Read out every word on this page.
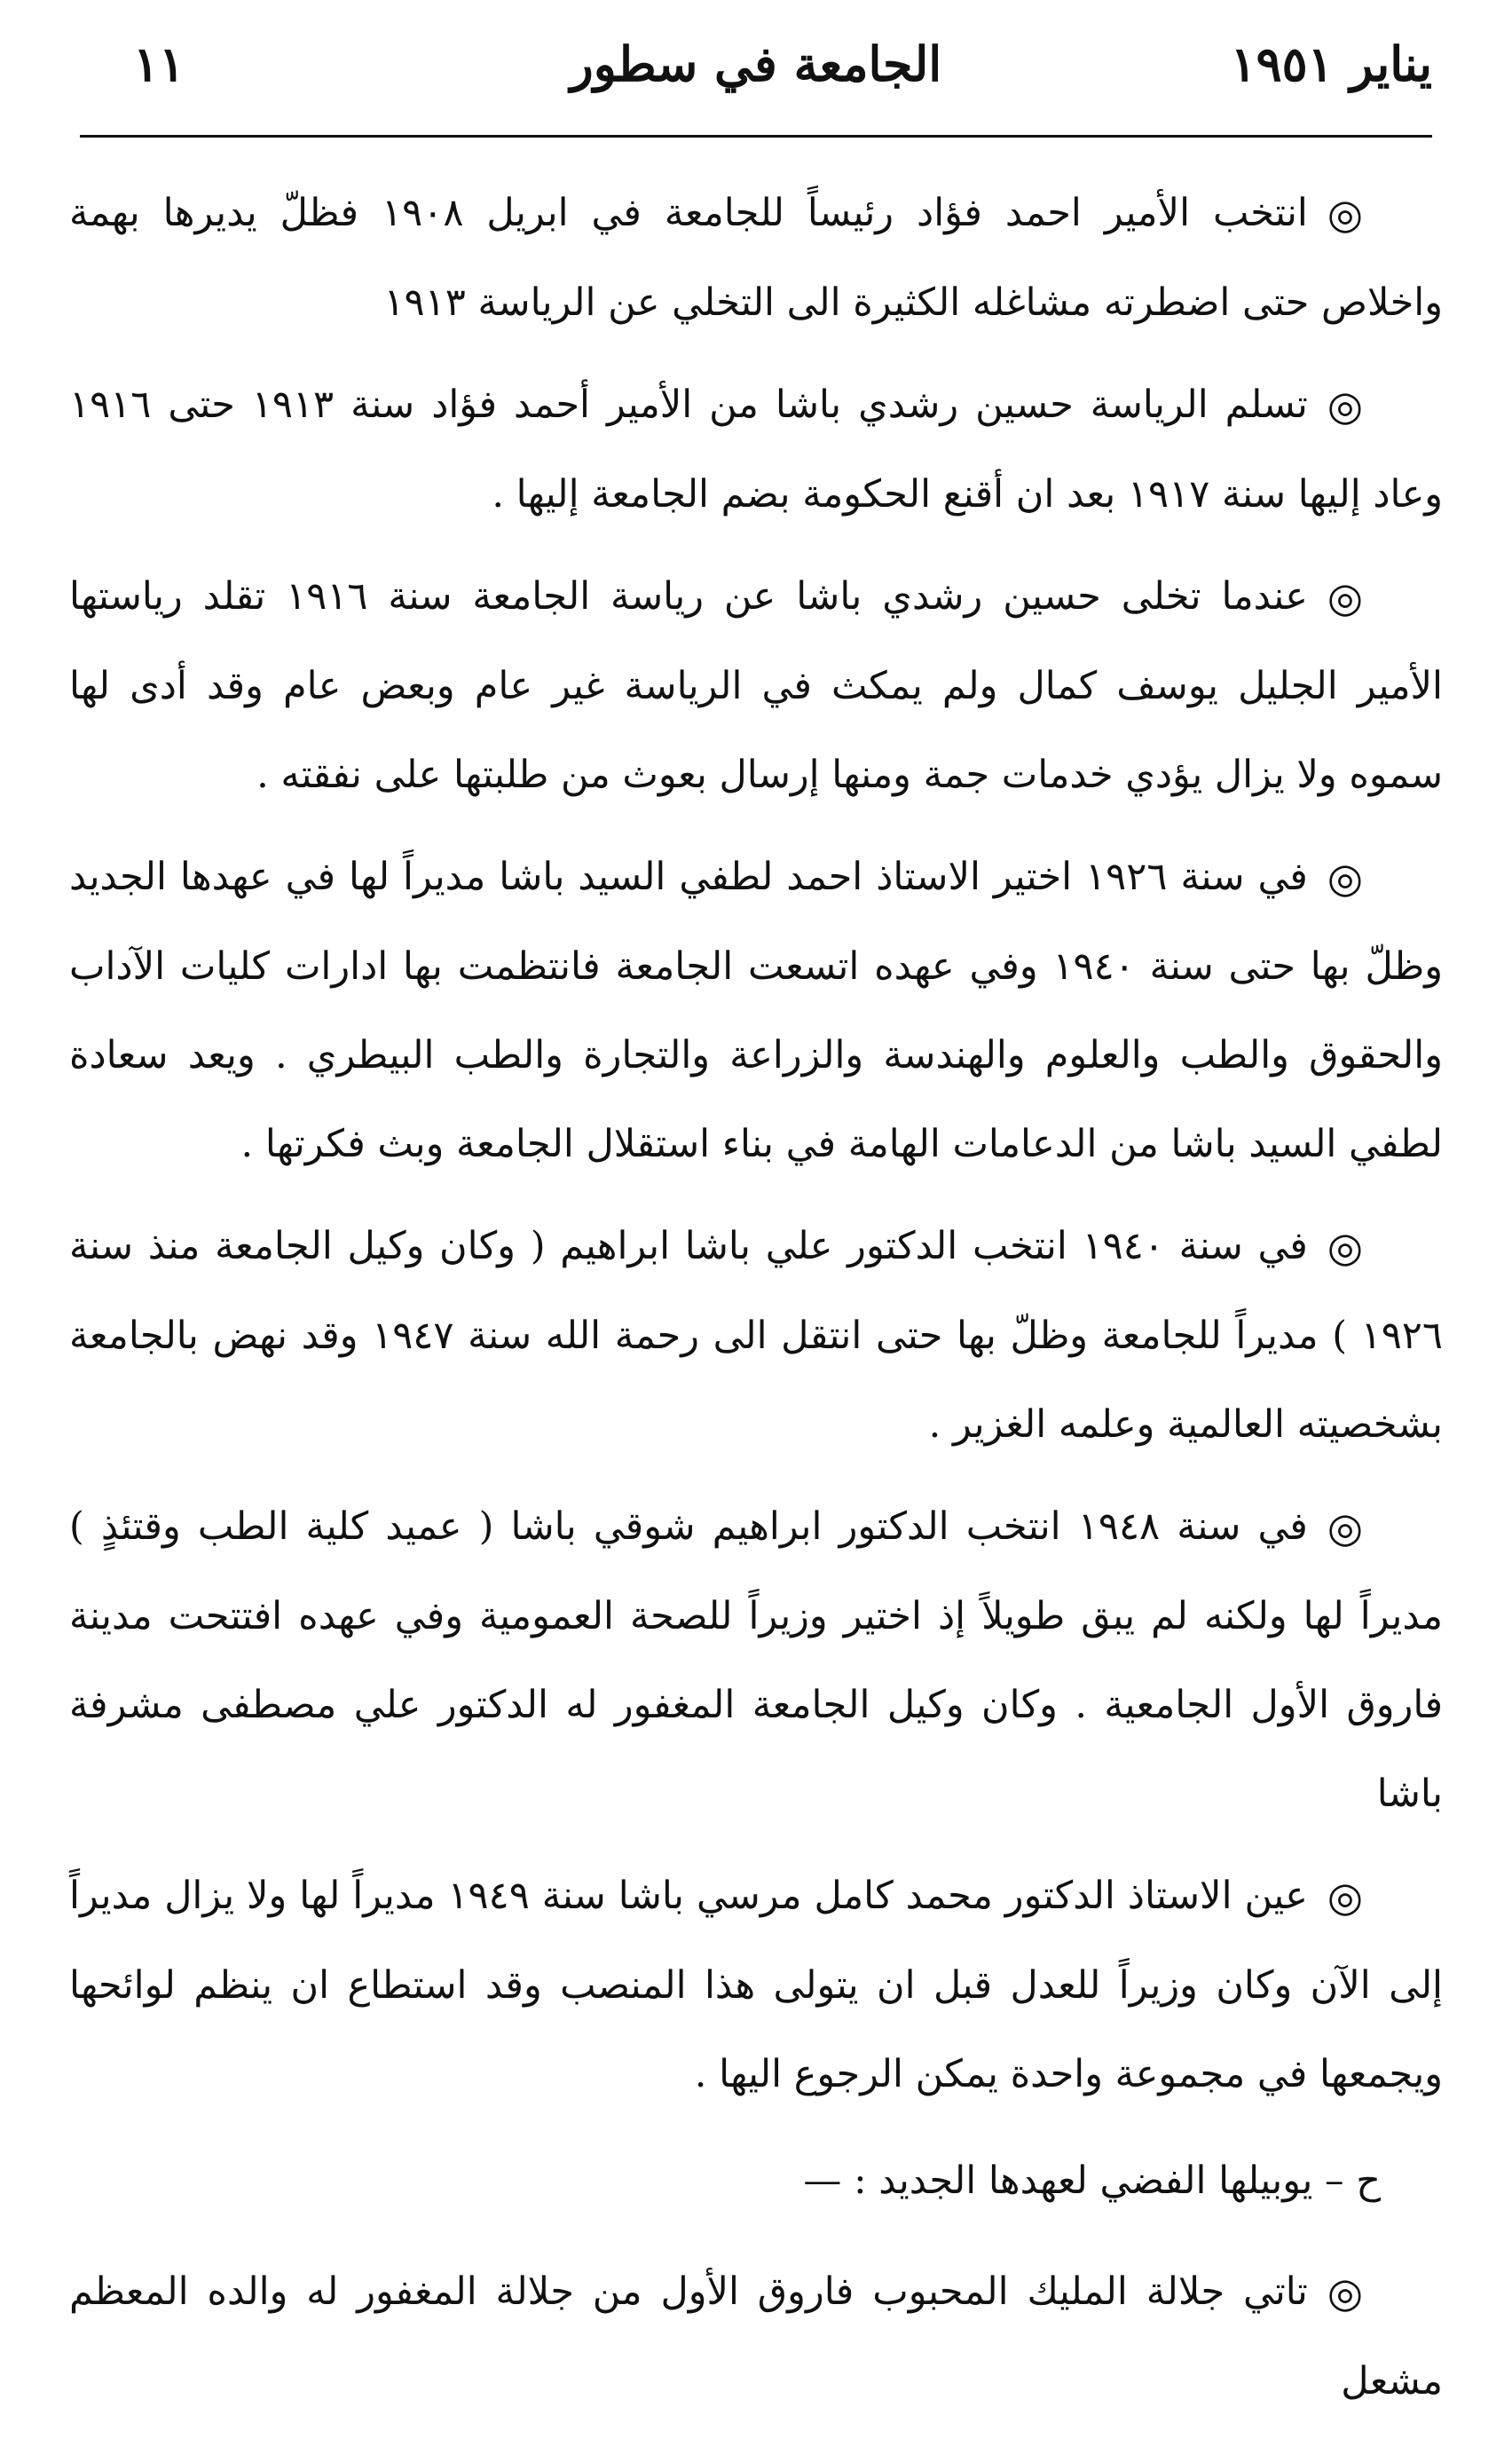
يناير ١٩٥١
الجامعة في سطور
١١

◎انتخب الأمير احمد فؤاد رئيساً للجامعة في ابريل ١٩٠٨ فظلّ يديرها بهمة واخلاص حتى اضطرته مشاغله الكثيرة الى التخلي عن الرياسة ١٩١٣

◎تسلم الرياسة حسين رشدي باشا من الأمير أحمد فؤاد سنة ١٩١٣ حتى ١٩١٦ وعاد إليها سنة ١٩١٧ بعد ان أقنع الحكومة بضم الجامعة إليها .

◎عندما تخلى حسين رشدي باشا عن رياسة الجامعة سنة ١٩١٦ تقلد رياستها الأمير الجليل يوسف كمال ولم يمكث في الرياسة غير عام وبعض عام وقد أدى لها سموه ولا يزال يؤدي خدمات جمة ومنها إرسال بعوث من طلبتها على نفقته .

◎في سنة ١٩٢٦ اختير الاستاذ احمد لطفي السيد باشا مديراً لها في عهدها الجديد وظلّ بها حتى سنة ١٩٤٠ وفي عهده اتسعت الجامعة فانتظمت بها ادارات كليات الآداب والحقوق والطب والعلوم والهندسة والزراعة والتجارة والطب البيطري . ويعد سعادة لطفي السيد باشا من الدعامات الهامة في بناء استقلال الجامعة وبث فكرتها .

◎في سنة ١٩٤٠ انتخب الدكتور علي باشا ابراهيم ( وكان وكيل الجامعة منذ سنة ١٩٢٦ ) مديراً للجامعة وظلّ بها حتى انتقل الى رحمة الله سنة ١٩٤٧ وقد نهض بالجامعة بشخصيته العالمية وعلمه الغزير .

◎في سنة ١٩٤٨ انتخب الدكتور ابراهيم شوقي باشا ( عميد كلية الطب وقتئذٍ ) مديراً لها ولكنه لم يبق طويلاً إذ اختير وزيراً للصحة العمومية وفي عهده افتتحت مدينة فاروق الأول الجامعية . وكان وكيل الجامعة المغفور له الدكتور علي مصطفى مشرفة باشا

◎عين الاستاذ الدكتور محمد كامل مرسي باشا سنة ١٩٤٩ مديراً لها ولا يزال مديراً إلى الآن وكان وزيراً للعدل قبل ان يتولى هذا المنصب وقد استطاع ان ينظم لوائحها ويجمعها في مجموعة واحدة يمكن الرجوع اليها .

ح – يوبيلها الفضي لعهدها الجديد : —

◎تاتي جلالة المليك المحبوب فاروق الأول من جلالة المغفور له والده المعظم مشعل
